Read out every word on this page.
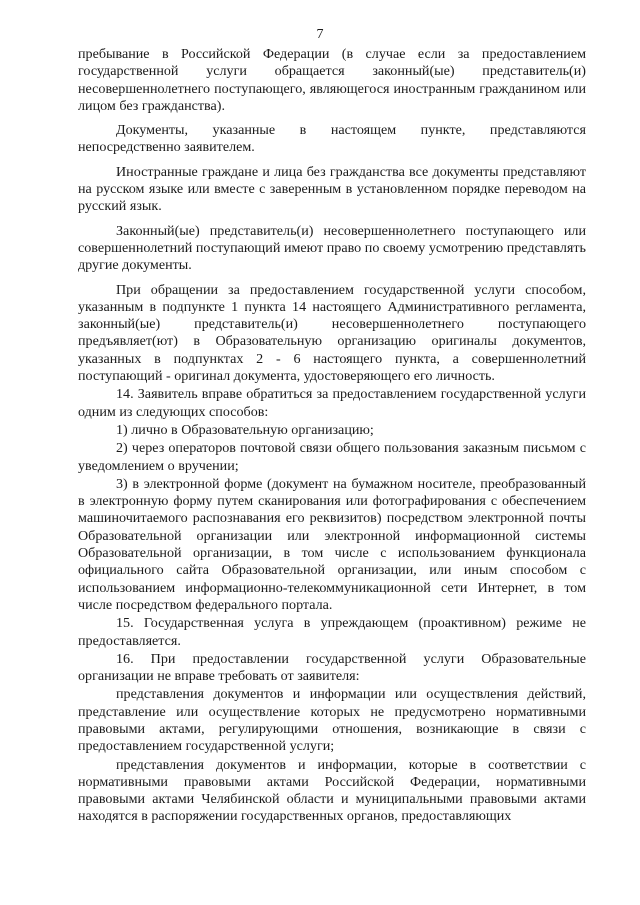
7

пребывание в Российской Федерации (в случае если за предоставлением государственной услуги обращается законный(ые) представитель(и) несовершеннолетнего поступающего, являющегося иностранным гражданином или лицом без гражданства).

Документы, указанные в настоящем пункте, представляются непосредственно заявителем.

Иностранные граждане и лица без гражданства все документы представляют на русском языке или вместе с заверенным в установленном порядке переводом на русский язык.

Законный(ые) представитель(и) несовершеннолетнего поступающего или совершеннолетний поступающий имеют право по своему усмотрению представлять другие документы.

При обращении за предоставлением государственной услуги способом, указанным в подпункте 1 пункта 14 настоящего Административного регламента, законный(ые) представитель(и) несовершеннолетнего поступающего предъявляет(ют) в Образовательную организацию оригиналы документов, указанных в подпунктах 2 - 6 настоящего пункта, а совершеннолетний поступающий - оригинал документа, удостоверяющего его личность.

14. Заявитель вправе обратиться за предоставлением государственной услуги одним из следующих способов:

1) лично в Образовательную организацию;

2) через операторов почтовой связи общего пользования заказным письмом с уведомлением о вручении;

3) в электронной форме (документ на бумажном носителе, преобразованный в электронную форму путем сканирования или фотографирования с обеспечением машиночитаемого распознавания его реквизитов) посредством электронной почты Образовательной организации или электронной информационной системы Образовательной организации, в том числе с использованием функционала официального сайта Образовательной организации, или иным способом с использованием информационно-телекоммуникационной сети Интернет, в том числе посредством федерального портала.

15. Государственная услуга в упреждающем (проактивном) режиме не предоставляется.

16. При предоставлении государственной услуги Образовательные организации не вправе требовать от заявителя:

представления документов и информации или осуществления действий, представление или осуществление которых не предусмотрено нормативными правовыми актами, регулирующими отношения, возникающие в связи с предоставлением государственной услуги;

представления документов и информации, которые в соответствии с нормативными правовыми актами Российской Федерации, нормативными правовыми актами Челябинской области и муниципальными правовыми актами находятся в распоряжении государственных органов, предоставляющих
